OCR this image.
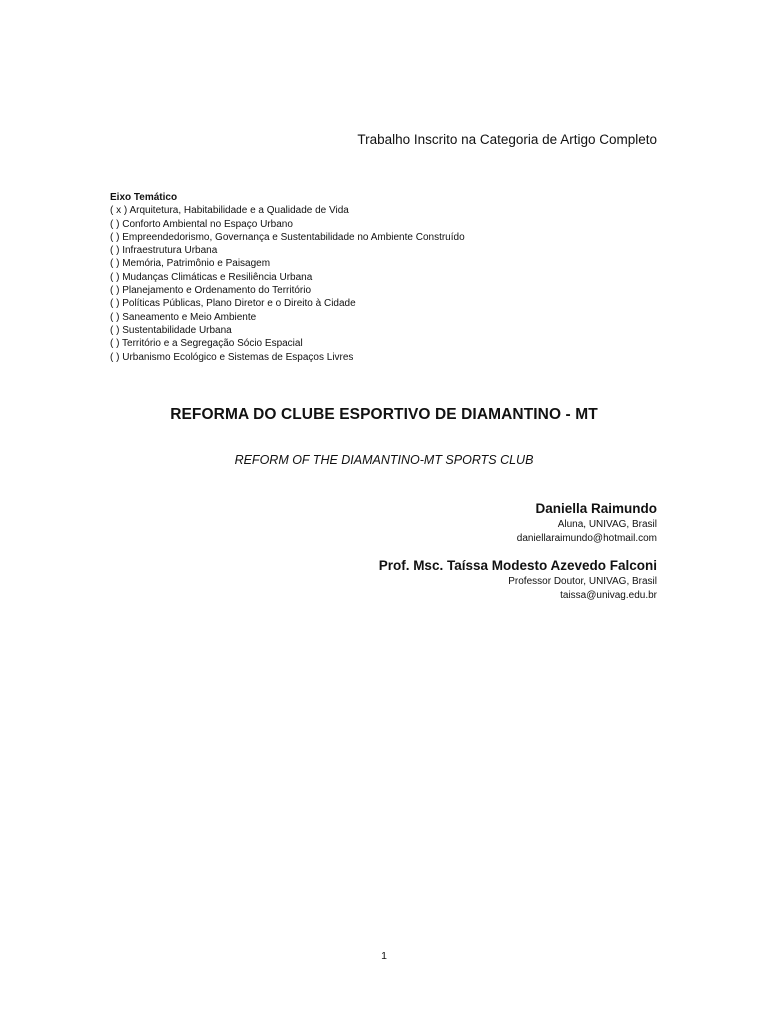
Trabalho Inscrito na Categoria de Artigo Completo
Eixo Temático
( x ) Arquitetura, Habitabilidade e a Qualidade de Vida
( ) Conforto Ambiental no Espaço Urbano
( ) Empreendedorismo, Governança e Sustentabilidade no Ambiente Construído
( ) Infraestrutura Urbana
( ) Memória, Patrimônio e Paisagem
( ) Mudanças Climáticas e Resiliência Urbana
( ) Planejamento e Ordenamento do Território
( ) Políticas Públicas, Plano Diretor e o Direito à Cidade
( ) Saneamento e Meio Ambiente
( ) Sustentabilidade Urbana
( ) Território e a Segregação Sócio Espacial
( ) Urbanismo Ecológico e Sistemas de Espaços Livres
REFORMA DO CLUBE ESPORTIVO DE DIAMANTINO - MT
REFORM OF THE DIAMANTINO-MT SPORTS CLUB
Daniella Raimundo
Aluna, UNIVAG, Brasil
daniellaraimundo@hotmail.com
Prof. Msc. Taíssa Modesto Azevedo Falconi
Professor Doutor, UNIVAG, Brasil
taissa@univag.edu.br
1
